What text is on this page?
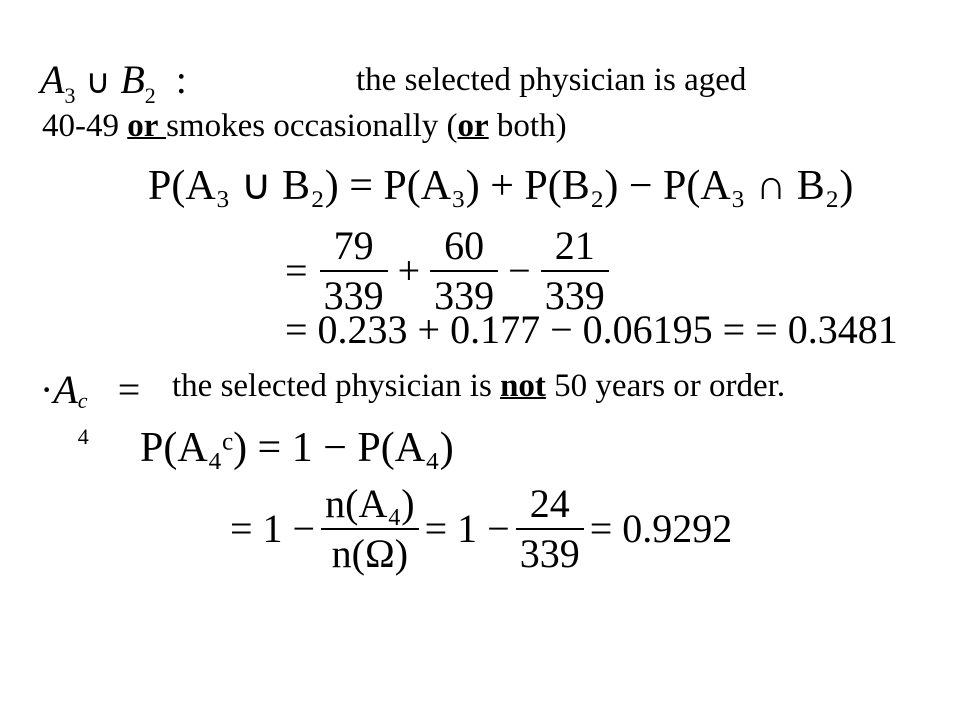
$A_3$ ∪ $B_2$ :	the selected physician is aged
40-49 or smokes occasionally (or both)
P(A₃ ∪ B₂) = P(A₃) + P(B₂) − P(A₃ ∩ B₂)
= $\frac{79}{339} + \frac{60}{339} - \frac{21}{339}$
= 0.233 + 0.177 − 0.06195 = = 0.3481
·A c
4
= the selected physician is not 50 years or order.
P(A₄ᶜ) = 1 − P(A₄)
= $1 - \frac{\text{n(A₄)}}{n(\Omega)} = 1 - \frac{24}{339} = 0.9292$
